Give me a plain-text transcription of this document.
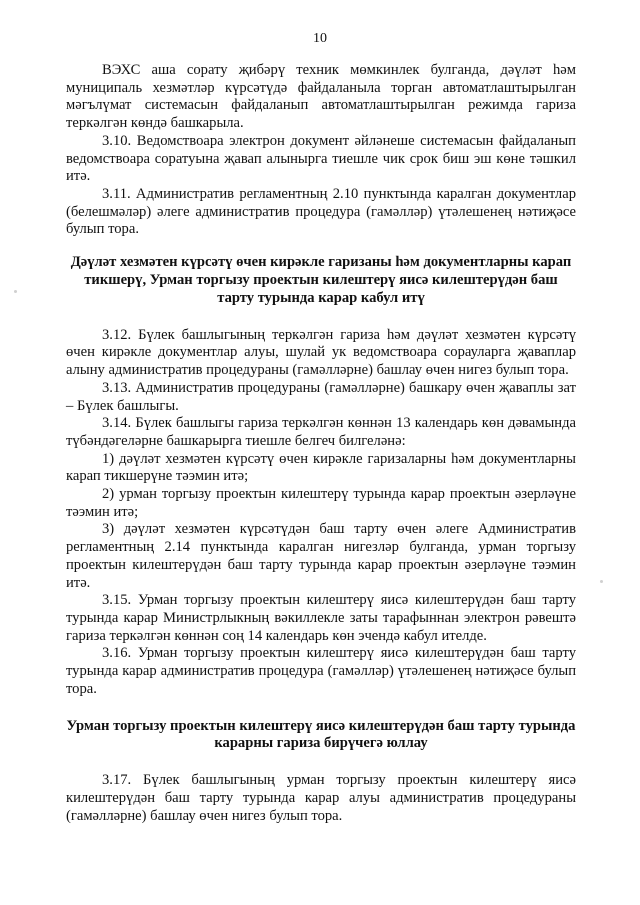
10

ВЭХС аша сорату җибәрү техник мөмкинлек булганда, дәүләт һәм муниципаль хезмәтләр күрсәтүдә файдаланыла торган автоматлаштырылган мәгълүмат системасын файдаланып автоматлаштырылган режимда гариза теркәлгән көндә башкарыла.

3.10. Ведомствоара электрон документ әйләнеше системасын файдаланып ведомствоара соратуына җавап алынырга тиешле чик срок биш эш көне тәшкил итә.

3.11. Административ регламентның 2.10 пунктында каралган документлар (белешмәләр) әлеге административ процедура (гамәлләр) үтәлешенең нәтиҗәсе булып тора.

Дәүләт хезмәтен күрсәтү өчен кирәкле гаризаны һәм документларны карап тикшерү, Урман торгызу проектын килештерү яисә килештерүдән баш тарту турында карар кабул итү

3.12. Бүлек башлыгының теркәлгән гариза һәм дәүләт хезмәтен күрсәтү өчен кирәкле документлар алуы, шулай ук ведомствоара сорауларга җаваплар алыну административ процедураны (гамәлләрне) башлау өчен нигез булып тора.

3.13. Административ процедураны (гамәлләрне) башкару өчен җаваплы зат – Бүлек башлыгы.

3.14. Бүлек башлыгы гариза теркәлгән көннән 13 календарь көн дәвамында түбәндәгеләрне башкарырга тиешле белгеч билгеләнә:

1) дәүләт хезмәтен күрсәтү өчен кирәкле гаризаларны һәм документларны карап тикшерүне тәэмин итә;

2) урман торгызу проектын килештерү турында карар проектын әзерләүне тәэмин итә;

3) дәүләт хезмәтен күрсәтүдән баш тарту өчен әлеге Административ регламентның 2.14 пунктында каралган нигезләр булганда, урман торгызу проектын килештерүдән баш тарту турында карар проектын әзерләүне тәэмин итә.

3.15. Урман торгызу проектын килештерү яисә килештерүдән баш тарту турында карар Министрлыкның вәкиллекле заты тарафыннан электрон рәвештә гариза теркәлгән көннән соң 14 календарь көн эчендә кабул ителде.

3.16. Урман торгызу проектын килештерү яисә килештерүдән баш тарту турында карар административ процедура (гамәлләр) үтәлешенең нәтиҗәсе булып тора.

Урман торгызу проектын килештерү яисә килештерүдән баш тарту турында карарны гариза бирүчегә юллау

3.17. Бүлек башлыгының урман торгызу проектын килештерү яисә килештерүдән баш тарту турында карар алуы административ процедураны (гамәлләрне) башлау өчен нигез булып тора.
